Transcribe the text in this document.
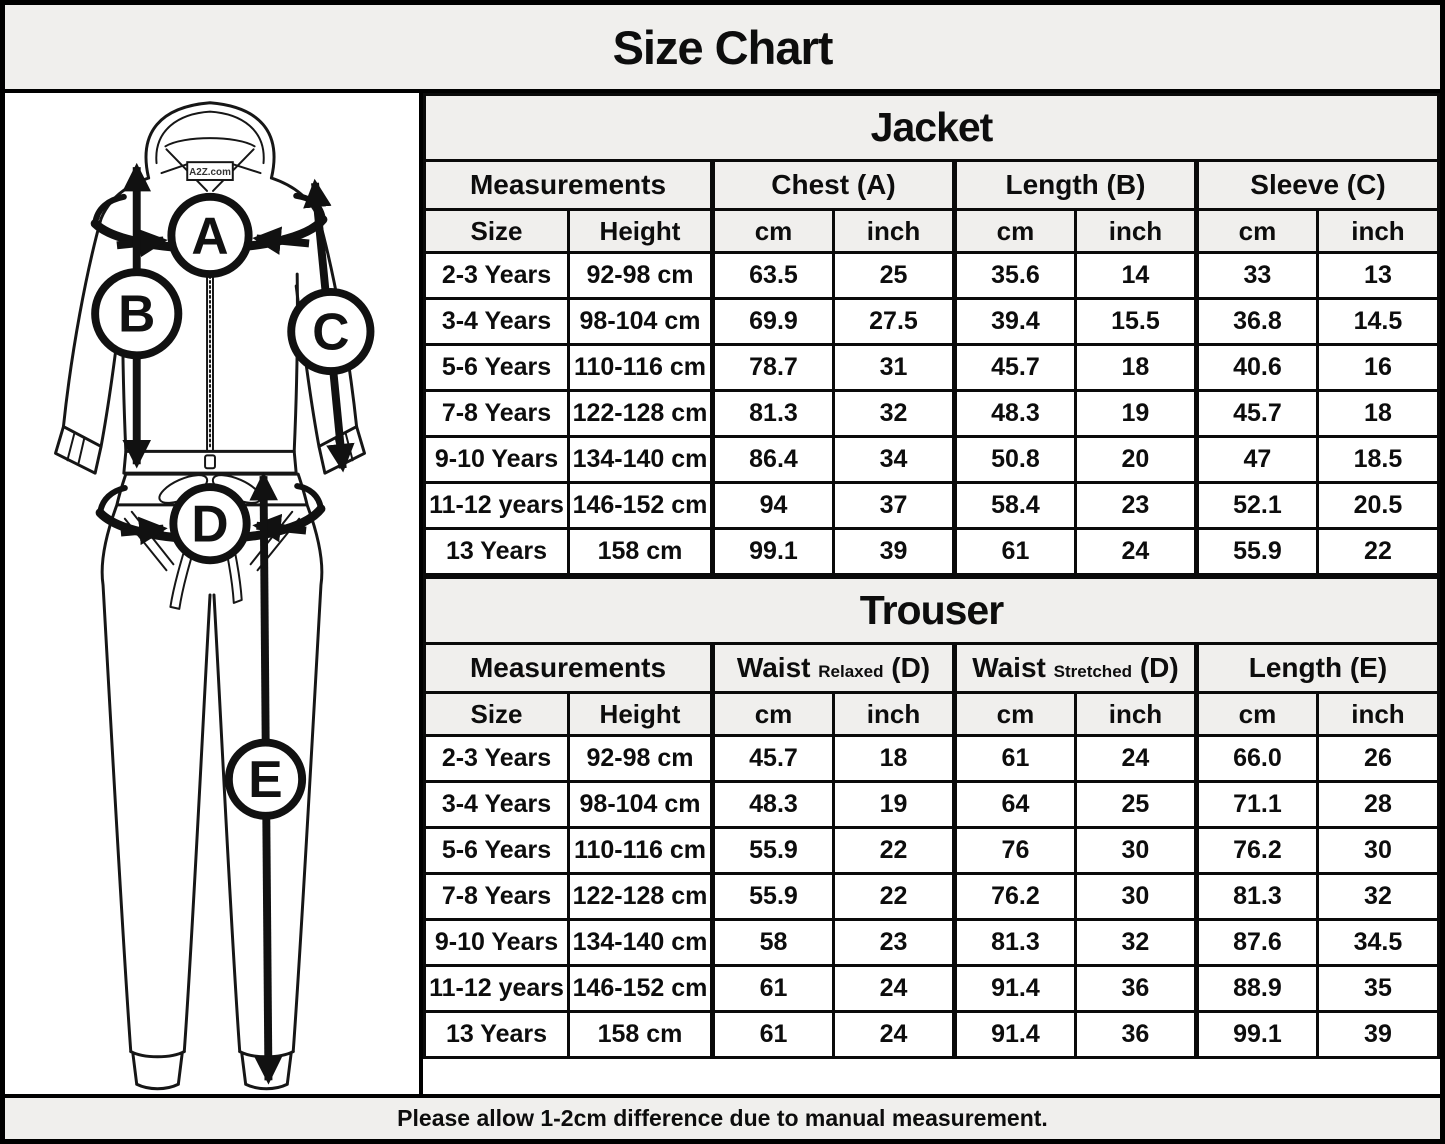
Size Chart
A2Z.com
A
B	C
D
E
Jacket							
Measurements		Chest (A)		Length (B)		Sleeve (C)	
Size	Height	cm	inch	cm	inch	cm	inch
2-3 Years	92-98 cm	63.5	25	35.6	14	33	13
3-4 Years	98-104 cm	69.9	27.5	39.4	15.5	36.8	14.5
5-6 Years	110-116 cm	78.7	31	45.7	18	40.6	16
7-8 Years	122-128 cm	81.3	32	48.3	19	45.7	18
9-10 Years	134-140 cm	86.4	34	50.8	20	47	18.5
11-12 years	146-152 cm	94	37	58.4	23	52.1	20.5
13 Years	158 cm	99.1	39	61	24	55.9	22
Trouser							
Measurements		Waist Relaxed (D)		Waist Stretched (D)		Length (E)	
Size	Height	cm	inch	cm	inch	cm	inch
2-3 Years	92-98 cm	45.7	18	61	24	66.0	26
3-4 Years	98-104 cm	48.3	19	64	25	71.1	28
5-6 Years	110-116 cm	55.9	22	76	30	76.2	30
7-8 Years	122-128 cm	55.9	22	76.2	30	81.3	32
9-10 Years	134-140 cm	58	23	81.3	32	87.6	34.5
11-12 years	146-152 cm	61	24	91.4	36	88.9	35
13 Years	158 cm	61	24	91.4	36	99.1	39
Please allow 1-2cm difference due to manual measurement.
